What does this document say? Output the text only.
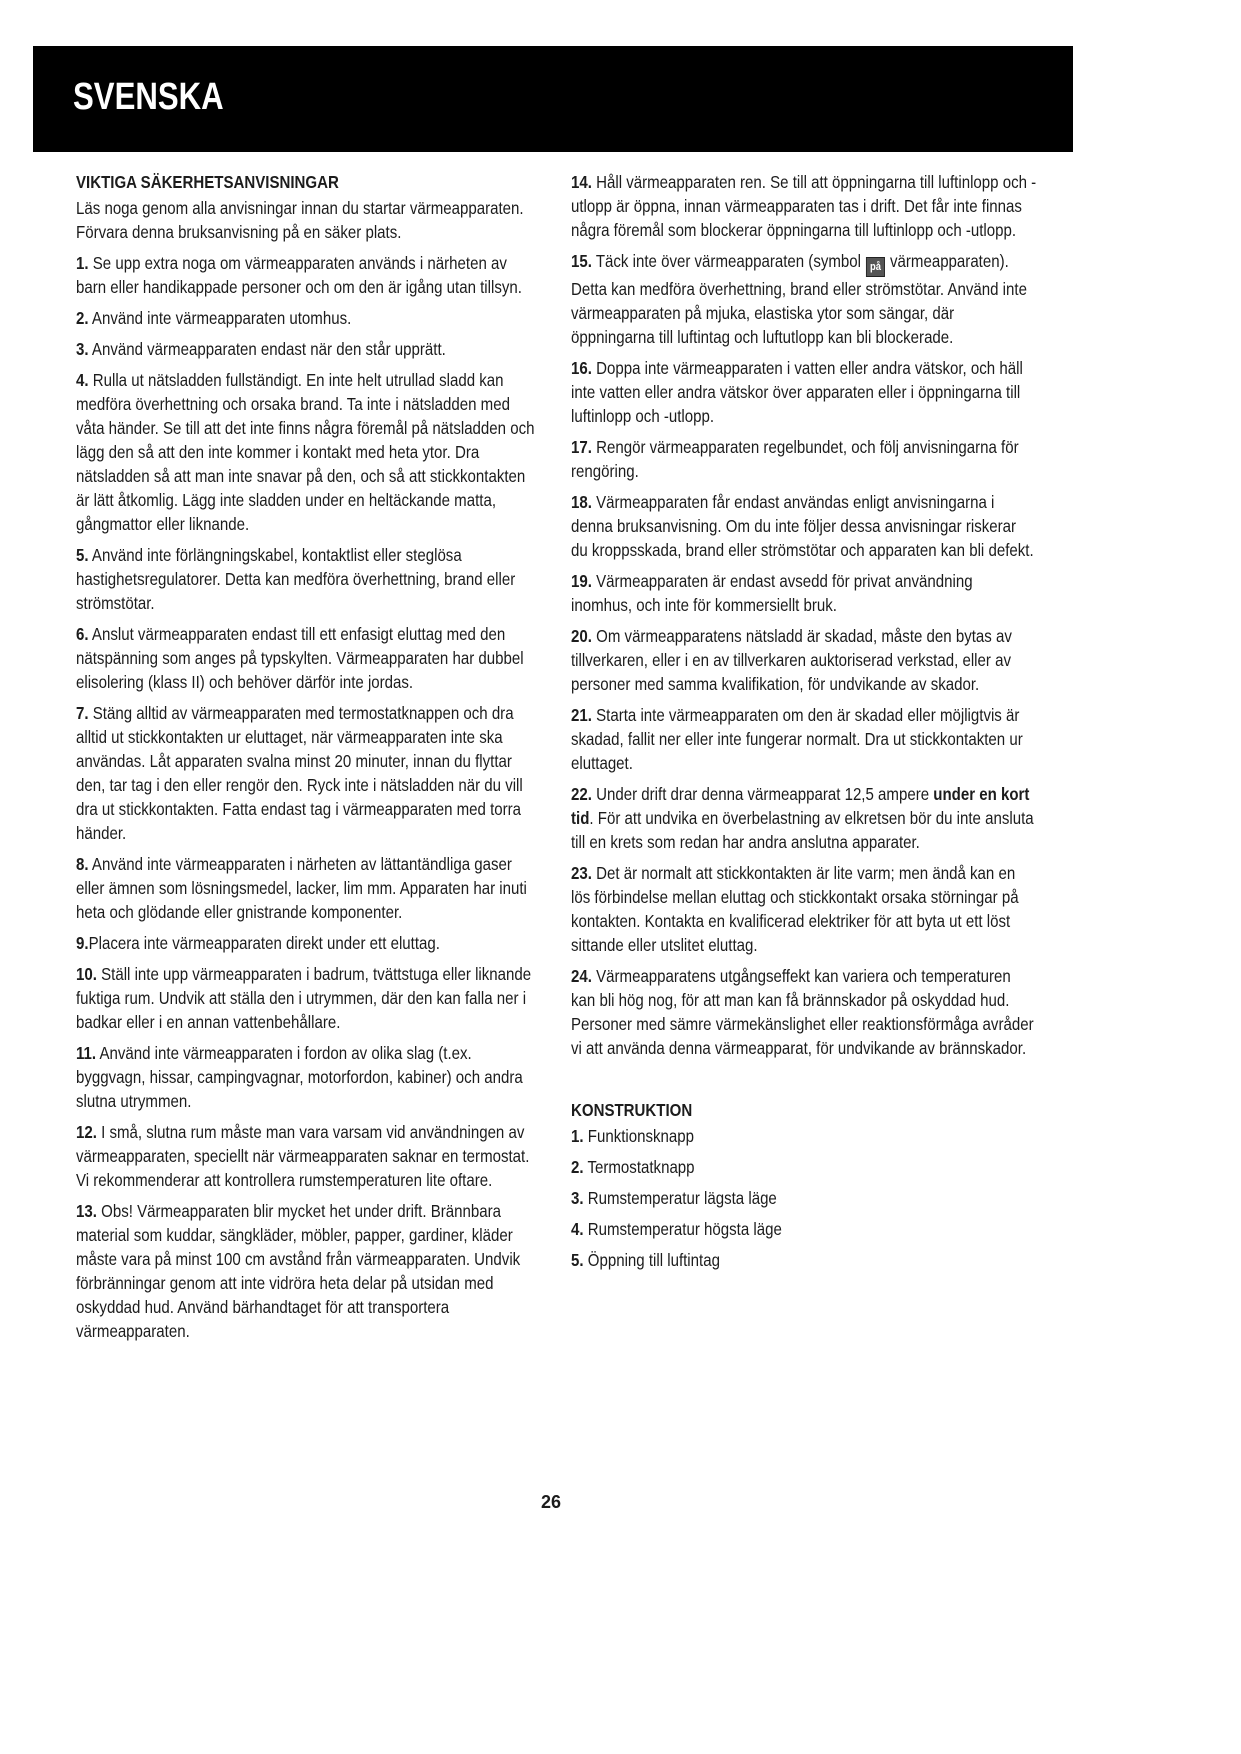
SVENSKA
VIKTIGA SÄKERHETSANVISNINGAR
Läs noga genom alla anvisningar innan du startar värmeapparaten. Förvara denna bruksanvisning på en säker plats.
1. Se upp extra noga om värmeapparaten används i närheten av barn eller handikappade personer och om den är igång utan tillsyn.
2. Använd inte värmeapparaten utomhus.
3. Använd värmeapparaten endast när den står upprätt.
4. Rulla ut nätsladden fullständigt. En inte helt utrullad sladd kan medföra överhettning och orsaka brand. Ta inte i nätsladden med våta händer. Se till att det inte finns några föremål på nätsladden och lägg den så att den inte kommer i kontakt med heta ytor. Dra nätsladden så att man inte snavar på den, och så att stickkontakten är lätt åtkomlig. Lägg inte sladden under en heltäckande matta, gångmattor eller liknande.
5. Använd inte förlängningskabel, kontaktlist eller steglösa hastighetsregulatorer. Detta kan medföra överhettning, brand eller strömstötar.
6. Anslut värmeapparaten endast till ett enfasigt eluttag med den nätspänning som anges på typskylten. Värmeapparaten har dubbel elisolering (klass II) och behöver därför inte jordas.
7. Stäng alltid av värmeapparaten med termostatknappen och dra alltid ut stickkontakten ur eluttaget, när värmeapparaten inte ska användas. Låt apparaten svalna minst 20 minuter, innan du flyttar den, tar tag i den eller rengör den. Ryck inte i nätsladden när du vill dra ut stickkontakten. Fatta endast tag i värmeapparaten med torra händer.
8. Använd inte värmeapparaten i närheten av lättantändliga gaser eller ämnen som lösningsmedel, lacker, lim mm. Apparaten har inuti heta och glödande eller gnistrande komponenter.
9.Placera inte värmeapparaten direkt under ett eluttag.
10. Ställ inte upp värmeapparaten i badrum, tvättstuga eller liknande fuktiga rum. Undvik att ställa den i utrymmen, där den kan falla ner i badkar eller i en annan vattenbehållare.
11. Använd inte värmeapparaten i fordon av olika slag (t.ex. byggvagn, hissar, campingvagnar, motorfordon, kabiner) och andra slutna utrymmen.
12. I små, slutna rum måste man vara varsam vid användningen av värmeapparaten, speciellt när värmeapparaten saknar en termostat. Vi rekommenderar att kontrollera rumstemperaturen lite oftare.
13. Obs! Värmeapparaten blir mycket het under drift. Brännbara material som kuddar, sängkläder, möbler, papper, gardiner, kläder måste vara på minst 100 cm avstånd från värmeapparaten. Undvik förbränningar genom att inte vidröra heta delar på utsidan med oskyddad hud. Använd bärhandtaget för att transportera värmeapparaten.
14. Håll värmeapparaten ren. Se till att öppningarna till luftinlopp och -utlopp är öppna, innan värmeapparaten tas i drift. Det får inte finnas några föremål som blockerar öppningarna till luftinlopp och -utlopp.
15. Täck inte över värmeapparaten (symbol på värmeapparaten). Detta kan medföra överhettning, brand eller strömstötar. Använd inte värmeapparaten på mjuka, elastiska ytor som sängar, där öppningarna till luftintag och luftutlopp kan bli blockerade.
16. Doppa inte värmeapparaten i vatten eller andra vätskor, och häll inte vatten eller andra vätskor över apparaten eller i öppningarna till luftinlopp och -utlopp.
17. Rengör värmeapparaten regelbundet, och följ anvisningarna för rengöring.
18. Värmeapparaten får endast användas enligt anvisningarna i denna bruksanvisning. Om du inte följer dessa anvisningar riskerar du kroppsskada, brand eller strömstötar och apparaten kan bli defekt.
19. Värmeapparaten är endast avsedd för privat användning inomhus, och inte för kommersiellt bruk.
20. Om värmeapparatens nätsladd är skadad, måste den bytas av tillverkaren, eller i en av tillverkaren auktoriserad verkstad, eller av personer med samma kvalifikation, för undvikande av skador.
21. Starta inte värmeapparaten om den är skadad eller möjligtvis är skadad, fallit ner eller inte fungerar normalt. Dra ut stickkontakten ur eluttaget.
22. Under drift drar denna värmeapparat 12,5 ampere under en kort tid. För att undvika en överbelastning av elkretsen bör du inte ansluta till en krets som redan har andra anslutna apparater.
23. Det är normalt att stickkontakten är lite varm; men ändå kan en lös förbindelse mellan eluttag och stickkontakt orsaka störningar på kontakten. Kontakta en kvalificerad elektriker för att byta ut ett löst sittande eller utslitet eluttag.
24. Värmeapparatens utgångseffekt kan variera och temperaturen kan bli hög nog, för att man kan få brännskador på oskyddad hud. Personer med sämre värmekänslighet eller reaktionsförmåga avråder vi att använda denna värmeapparat, för undvikande av brännskador.
KONSTRUKTION
1. Funktionsknapp
2. Termostatknapp
3. Rumstemperatur lägsta läge
4. Rumstemperatur högsta läge
5. Öppning till luftintag
26
